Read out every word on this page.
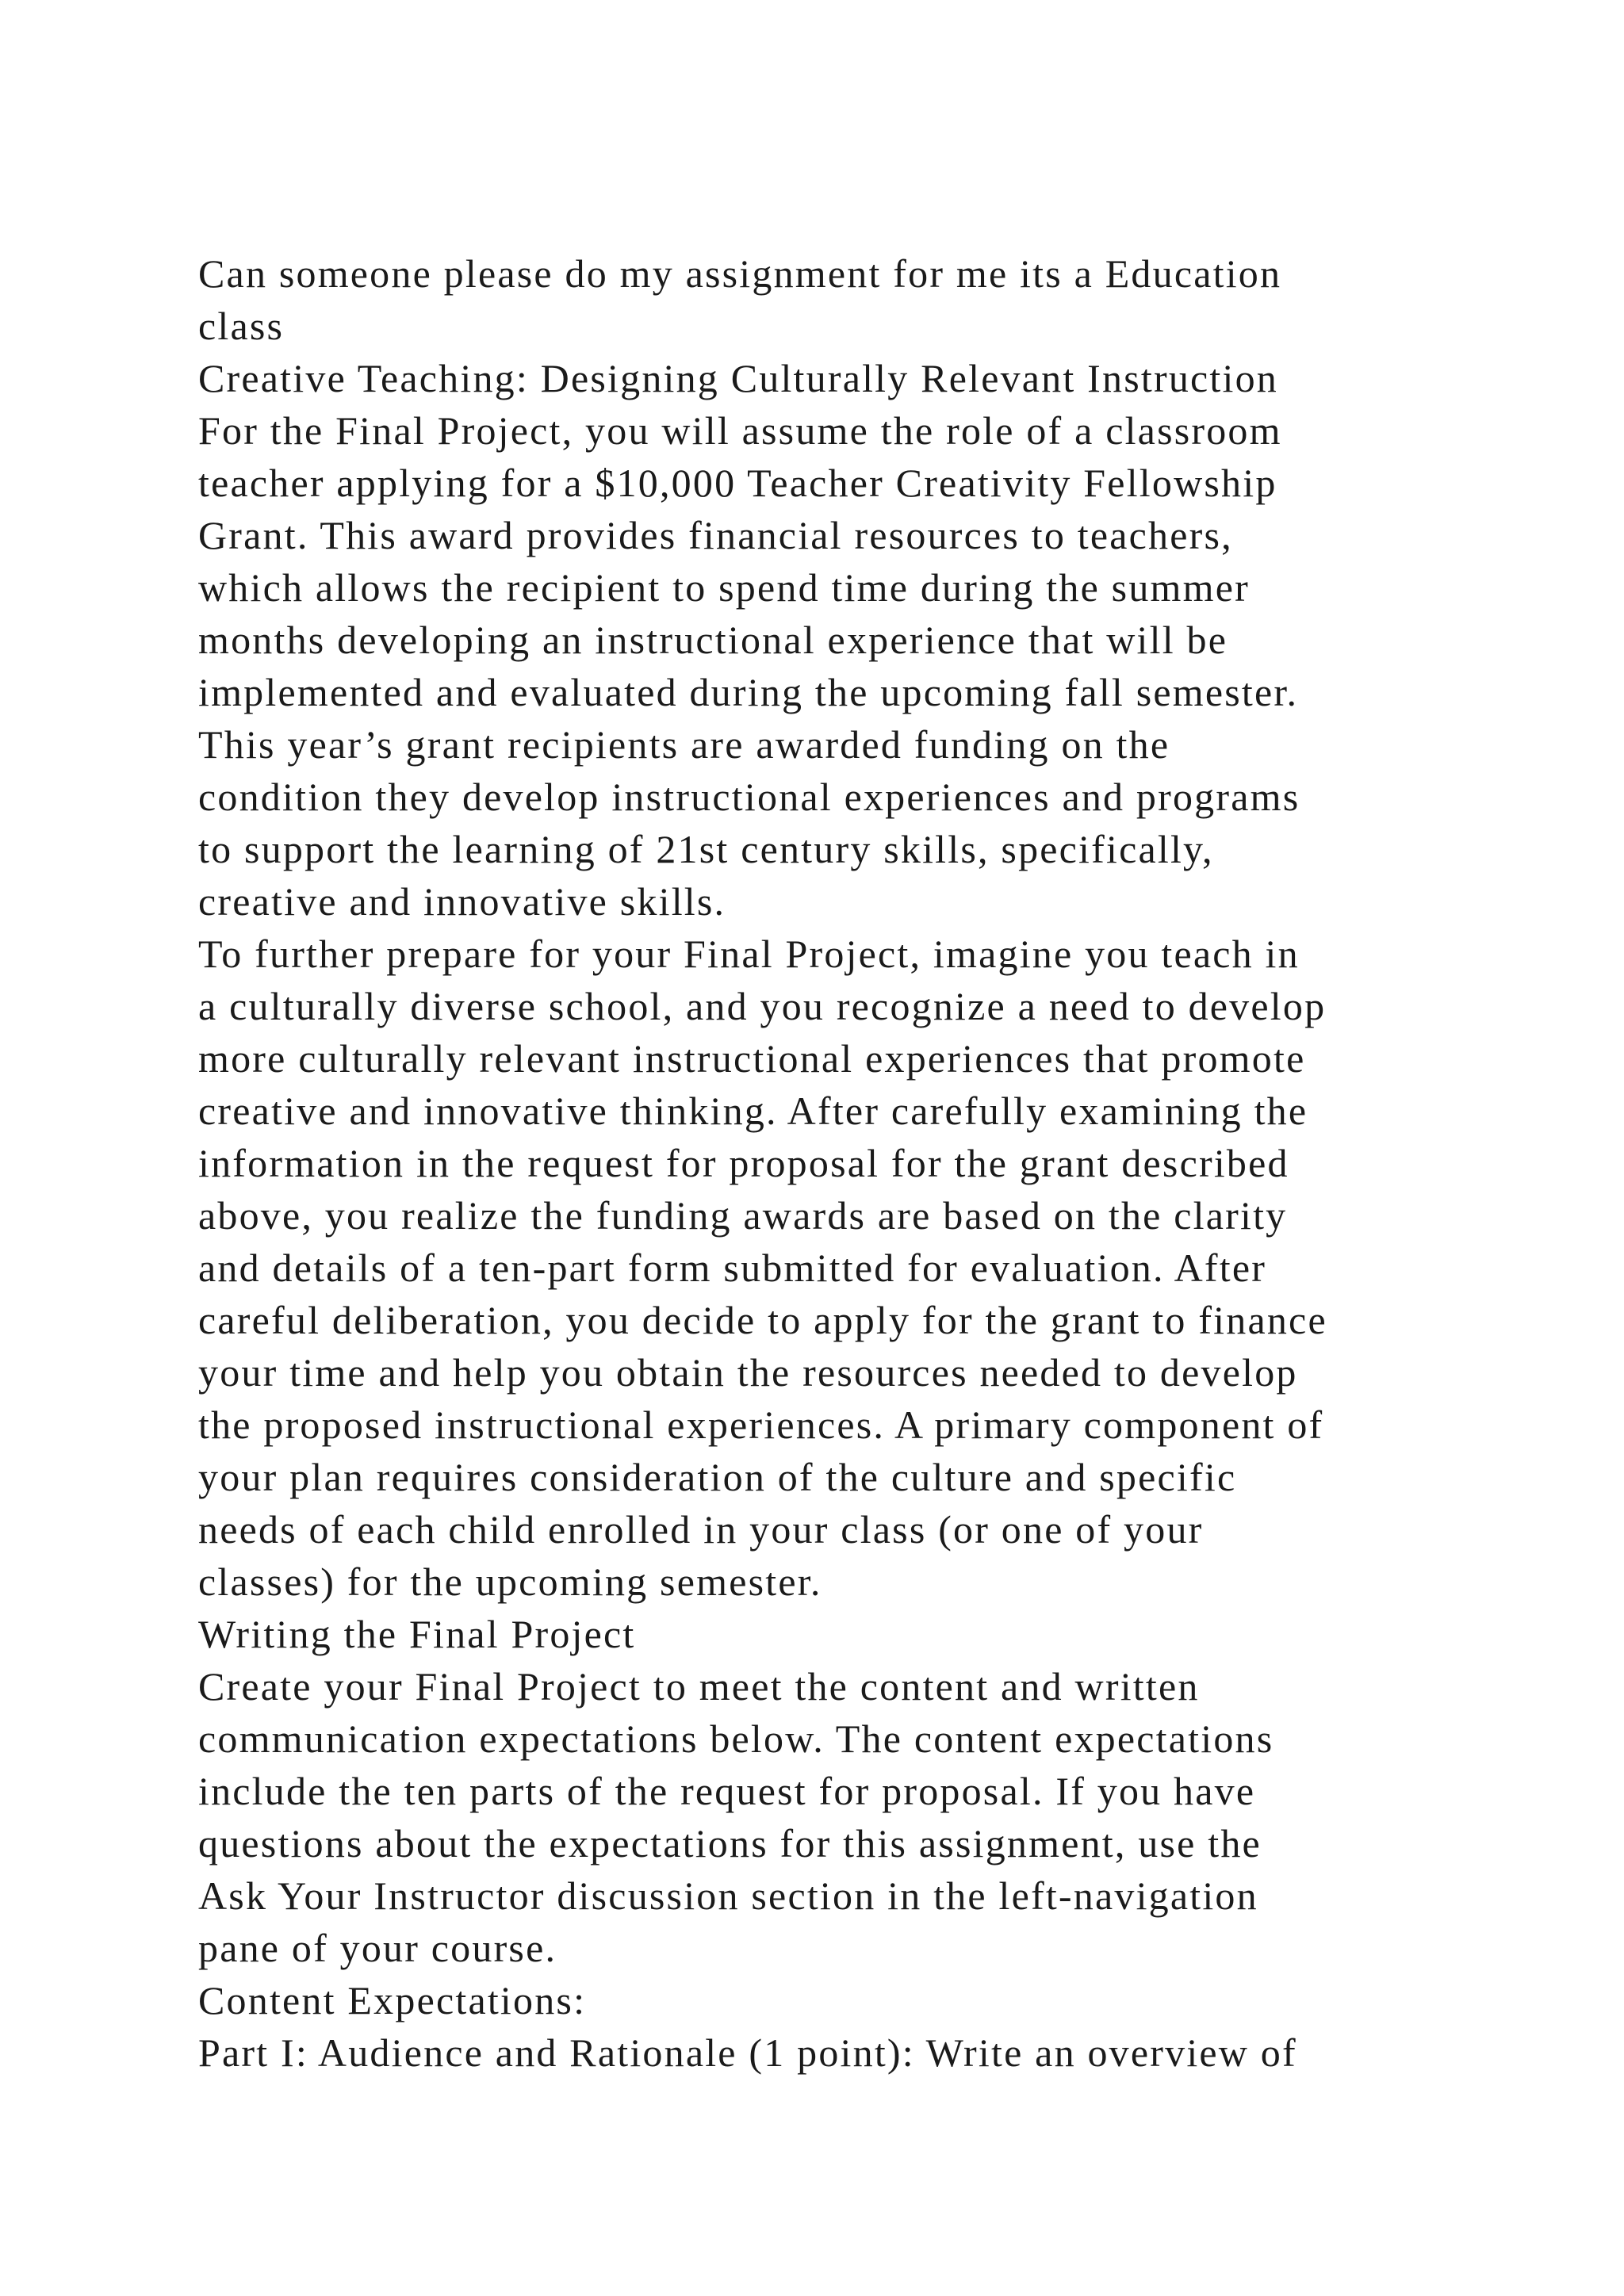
Can someone please do my assignment for me its a Education
class
Creative Teaching: Designing Culturally Relevant Instruction
For the Final Project, you will assume the role of a classroom
teacher applying for a $10,000 Teacher Creativity Fellowship
Grant. This award provides financial resources to teachers,
which allows the recipient to spend time during the summer
months developing an instructional experience that will be
implemented and evaluated during the upcoming fall semester.
This year’s grant recipients are awarded funding on the
condition they develop instructional experiences and programs
to support the learning of 21st century skills, specifically,
creative and innovative skills.
To further prepare for your Final Project, imagine you teach in
a culturally diverse school, and you recognize a need to develop
more culturally relevant instructional experiences that promote
creative and innovative thinking. After carefully examining the
information in the request for proposal for the grant described
above, you realize the funding awards are based on the clarity
and details of a ten-part form submitted for evaluation. After
careful deliberation, you decide to apply for the grant to finance
your time and help you obtain the resources needed to develop
the proposed instructional experiences. A primary component of
your plan requires consideration of the culture and specific
needs of each child enrolled in your class (or one of your
classes) for the upcoming semester.
Writing the Final Project
Create your Final Project to meet the content and written
communication expectations below. The content expectations
include the ten parts of the request for proposal. If you have
questions about the expectations for this assignment, use the
Ask Your Instructor discussion section in the left-navigation
pane of your course.
Content Expectations:
Part I: Audience and Rationale (1 point): Write an overview of
